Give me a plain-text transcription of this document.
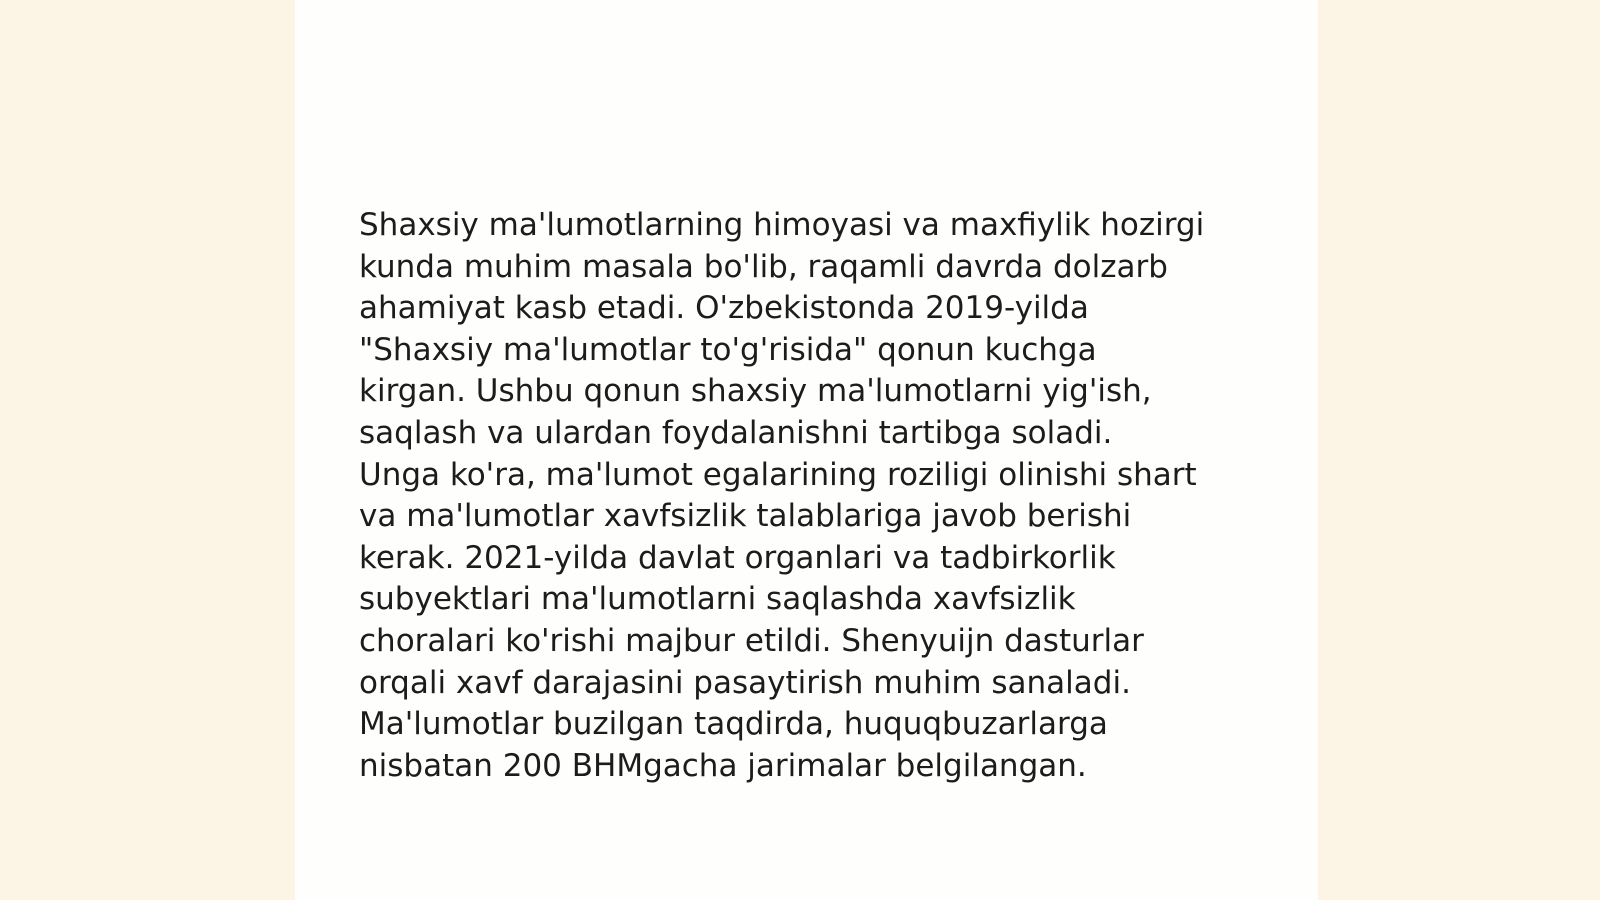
Shaxsiy ma'lumotlarning himoyasi va maxfiylik hozirgi
kunda muhim masala bo'lib, raqamli davrda dolzarb
ahamiyat kasb etadi. O'zbekistonda 2019-yilda
"Shaxsiy ma'lumotlar to'g'risida" qonun kuchga
kirgan. Ushbu qonun shaxsiy ma'lumotlarni yig'ish,
saqlash va ulardan foydalanishni tartibga soladi.
Unga ko'ra, ma'lumot egalarining roziligi olinishi shart
va ma'lumotlar xavfsizlik talablariga javob berishi
kerak. 2021-yilda davlat organlari va tadbirkorlik
subyektlari ma'lumotlarni saqlashda xavfsizlik
choralari ko'rishi majbur etildi. Shenyuijn dasturlar
orqali xavf darajasini pasaytirish muhim sanaladi.
Ma'lumotlar buzilgan taqdirda, huquqbuzarlarga
nisbatan 200 BHMgacha jarimalar belgilangan.
